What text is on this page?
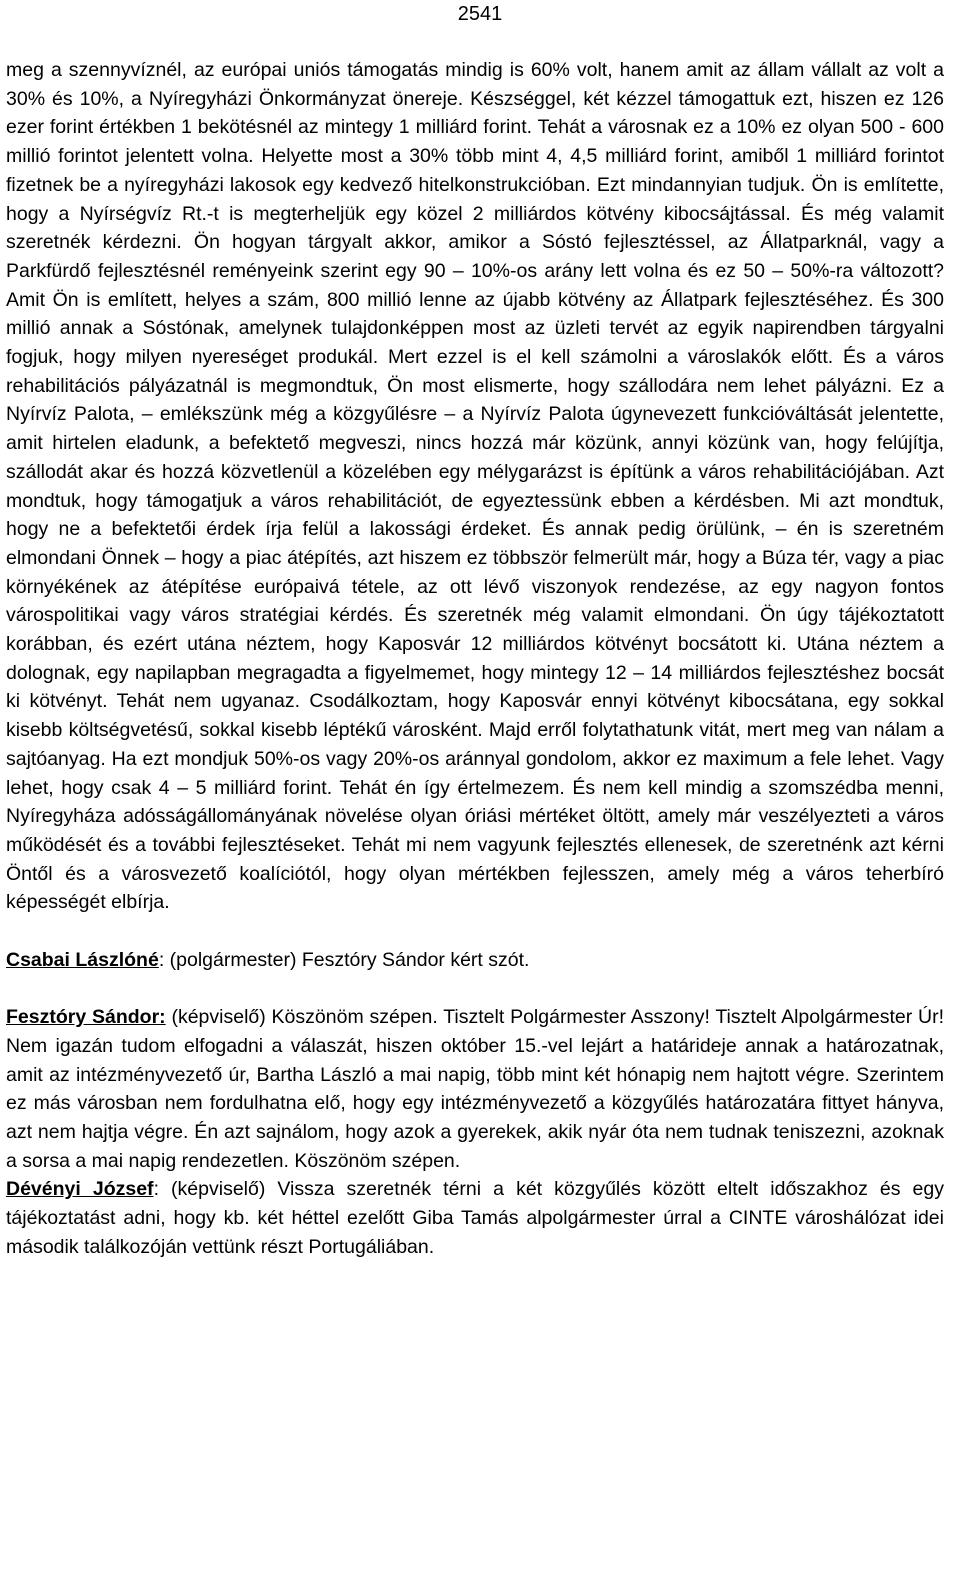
2541

meg a szennyvíznél, az európai uniós támogatás mindig is 60% volt, hanem amit az állam vállalt az volt a 30% és 10%, a Nyíregyházi Önkormányzat önereje. Készséggel, két kézzel támogattuk ezt, hiszen ez 126 ezer forint értékben 1 bekötésnél az mintegy 1 milliárd forint. Tehát a városnak ez a 10% ez olyan 500 - 600 millió forintot jelentett volna. Helyette most a 30% több mint 4, 4,5 milliárd forint, amiből 1 milliárd forintot fizetnek be a nyíregyházi lakosok egy kedvező hitelkonstrukcióban. Ezt mindannyian tudjuk. Ön is említette, hogy a Nyírségvíz Rt.-t is megterheljük egy közel 2 milliárdos kötvény kibocsájtással. És még valamit szeretnék kérdezni. Ön hogyan tárgyalt akkor, amikor a Sóstó fejlesztéssel, az Állatparknál, vagy a Parkfürdő fejlesztésnél reményeink szerint egy 90 – 10%-os arány lett volna és ez 50 – 50%-ra változott? Amit Ön is említett, helyes a szám, 800 millió lenne az újabb kötvény az Állatpark fejlesztéséhez. És 300 millió annak a Sóstónak, amelynek tulajdonképpen most az üzleti tervét az egyik napirendben tárgyalni fogjuk, hogy milyen nyereséget produkál. Mert ezzel is el kell számolni a városlakók előtt. És a város rehabilitációs pályázatnál is megmondtuk, Ön most elismerte, hogy szállodára nem lehet pályázni. Ez a Nyírvíz Palota, – emlékszünk még a közgyűlésre – a Nyírvíz Palota úgynevezett funkcióváltását jelentette, amit hirtelen eladunk, a befektető megveszi, nincs hozzá már közünk, annyi közünk van, hogy felújítja, szállodát akar és hozzá közvetlenül a közelében egy mélygarázst is építünk a város rehabilitációjában. Azt mondtuk, hogy támogatjuk a város rehabilitációt, de egyeztessünk ebben a kérdésben. Mi azt mondtuk, hogy ne a befektetői érdek írja felül a lakossági érdeket. És annak pedig örülünk, – én is szeretném elmondani Önnek – hogy a piac átépítés, azt hiszem ez többször felmerült már, hogy a Búza tér, vagy a piac környékének az átépítése európaivá tétele, az ott lévő viszonyok rendezése, az egy nagyon fontos várospolitikai vagy város stratégiai kérdés. És szeretnék még valamit elmondani. Ön úgy tájékoztatott korábban, és ezért utána néztem, hogy Kaposvár 12 milliárdos kötvényt bocsátott ki. Utána néztem a dolognak, egy napilapban megragadta a figyelmemet, hogy mintegy 12 – 14 milliárdos fejlesztéshez bocsát ki kötvényt. Tehát nem ugyanaz. Csodálkoztam, hogy Kaposvár ennyi kötvényt kibocsátana, egy sokkal kisebb költségvetésű, sokkal kisebb léptékű városként. Majd erről folytathatunk vitát, mert meg van nálam a sajtóanyag. Ha ezt mondjuk 50%-os vagy 20%-os aránnyal gondolom, akkor ez maximum a fele lehet. Vagy lehet, hogy csak 4 – 5 milliárd forint. Tehát én így értelmezem. És nem kell mindig a szomszédba menni, Nyíregyháza adósságállományának növelése olyan óriási mértéket öltött, amely már veszélyezteti a város működését és a további fejlesztéseket. Tehát mi nem vagyunk fejlesztés ellenesek, de szeretnénk azt kérni Öntől és a városvezető koalíciótól, hogy olyan mértékben fejlesszen, amely még a város teherbíró képességét elbírja.

Csabai Lászlóné: (polgármester) Fesztóry Sándor kért szót.

Fesztóry Sándor: (képviselő) Köszönöm szépen. Tisztelt Polgármester Asszony! Tisztelt Alpolgármester Úr! Nem igazán tudom elfogadni a válaszát, hiszen október 15.-vel lejárt a határideje annak a határozatnak, amit az intézményvezető úr, Bartha László a mai napig, több mint két hónapig nem hajtott végre. Szerintem ez más városban nem fordulhatna elő, hogy egy intézményvezető a közgyűlés határozatára fittyet hányva, azt nem hajtja végre. Én azt sajnálom, hogy azok a gyerekek, akik nyár óta nem tudnak teniszezni, azoknak a sorsa a mai napig rendezetlen. Köszönöm szépen.

Dévényi József: (képviselő) Vissza szeretnék térni a két közgyűlés között eltelt időszakhoz és egy tájékoztatást adni, hogy kb. két héttel ezelőtt Giba Tamás alpolgármester úrral a CINTE városhálózat idei második találkozóján vettünk részt Portugáliában.
